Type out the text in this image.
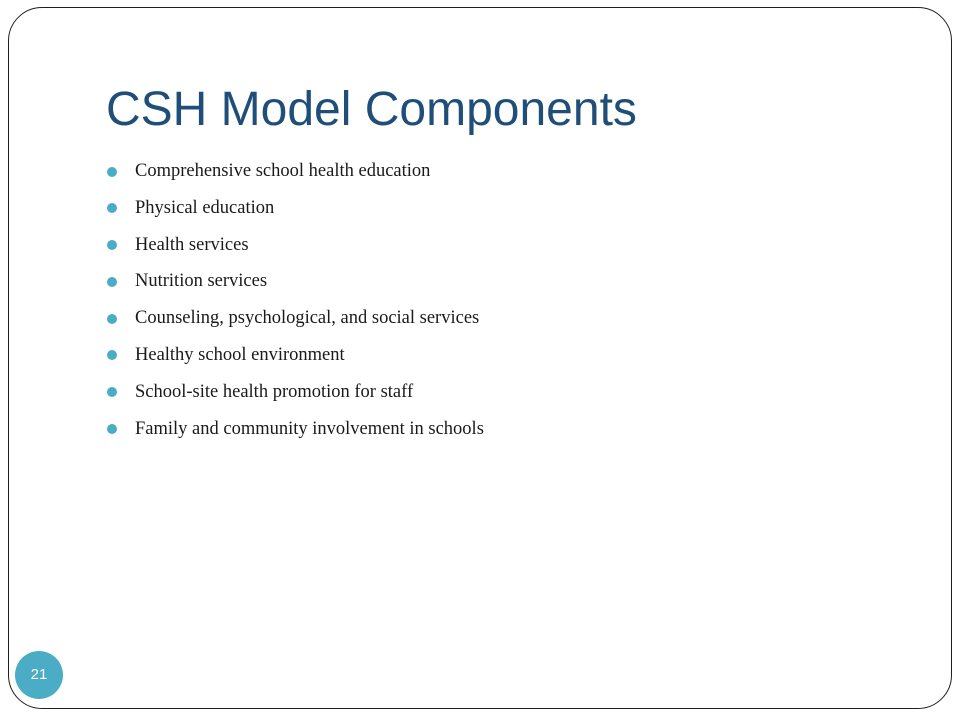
CSH Model Components
Comprehensive school health education
Physical education
Health services
Nutrition services
Counseling, psychological, and social services
Healthy school environment
School-site health promotion for staff
Family and community involvement in schools
21
